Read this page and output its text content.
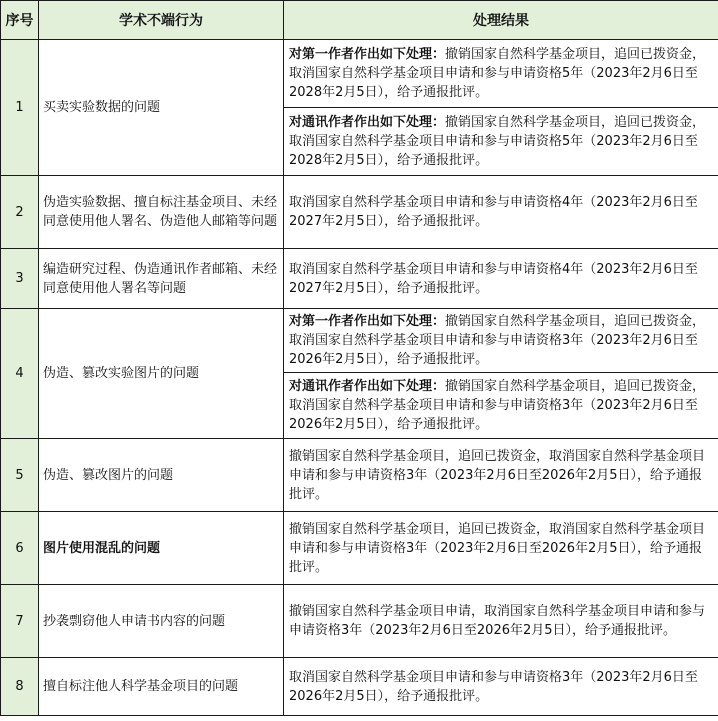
序号	学术不端行为	处理结果
1	买卖实验数据的问题	对第一作者作出如下处理：撤销国家自然科学基金项目，追回已拨资金，取消国家自然科学基金项目申请和参与申请资格5年（2023年2月6日至2028年2月5日），给予通报批评。
		对通讯作者作出如下处理：撤销国家自然科学基金项目，追回已拨资金，取消国家自然科学基金项目申请和参与申请资格5年（2023年2月6日至2028年2月5日），给予通报批评。
2	伪造实验数据、擅自标注基金项目、未经同意使用他人署名、伪造他人邮箱等问题	取消国家自然科学基金项目申请和参与申请资格4年（2023年2月6日至2027年2月5日），给予通报批评。
3	编造研究过程、伪造通讯作者邮箱、未经同意使用他人署名等问题	取消国家自然科学基金项目申请和参与申请资格4年（2023年2月6日至2027年2月5日），给予通报批评。
4	伪造、篡改实验图片的问题	对第一作者作出如下处理：撤销国家自然科学基金项目，追回已拨资金，取消国家自然科学基金项目申请和参与申请资格3年（2023年2月6日至2026年2月5日），给予通报批评。
		对通讯作者作出如下处理：撤销国家自然科学基金项目，追回已拨资金，取消国家自然科学基金项目申请和参与申请资格3年（2023年2月6日至2026年2月5日），给予通报批评。
5	伪造、篡改图片的问题	撤销国家自然科学基金项目，追回已拨资金，取消国家自然科学基金项目申请和参与申请资格3年（2023年2月6日至2026年2月5日），给予通报批评。
6	图片使用混乱的问题	撤销国家自然科学基金项目，追回已拨资金，取消国家自然科学基金项目申请和参与申请资格3年（2023年2月6日至2026年2月5日），给予通报批评。
7	抄袭剽窃他人申请书内容的问题	撤销国家自然科学基金项目申请，取消国家自然科学基金项目申请和参与申请资格3年（2023年2月6日至2026年2月5日），给予通报批评。
8	擅自标注他人科学基金项目的问题	取消国家自然科学基金项目申请和参与申请资格3年（2023年2月6日至2026年2月5日），给予通报批评。
